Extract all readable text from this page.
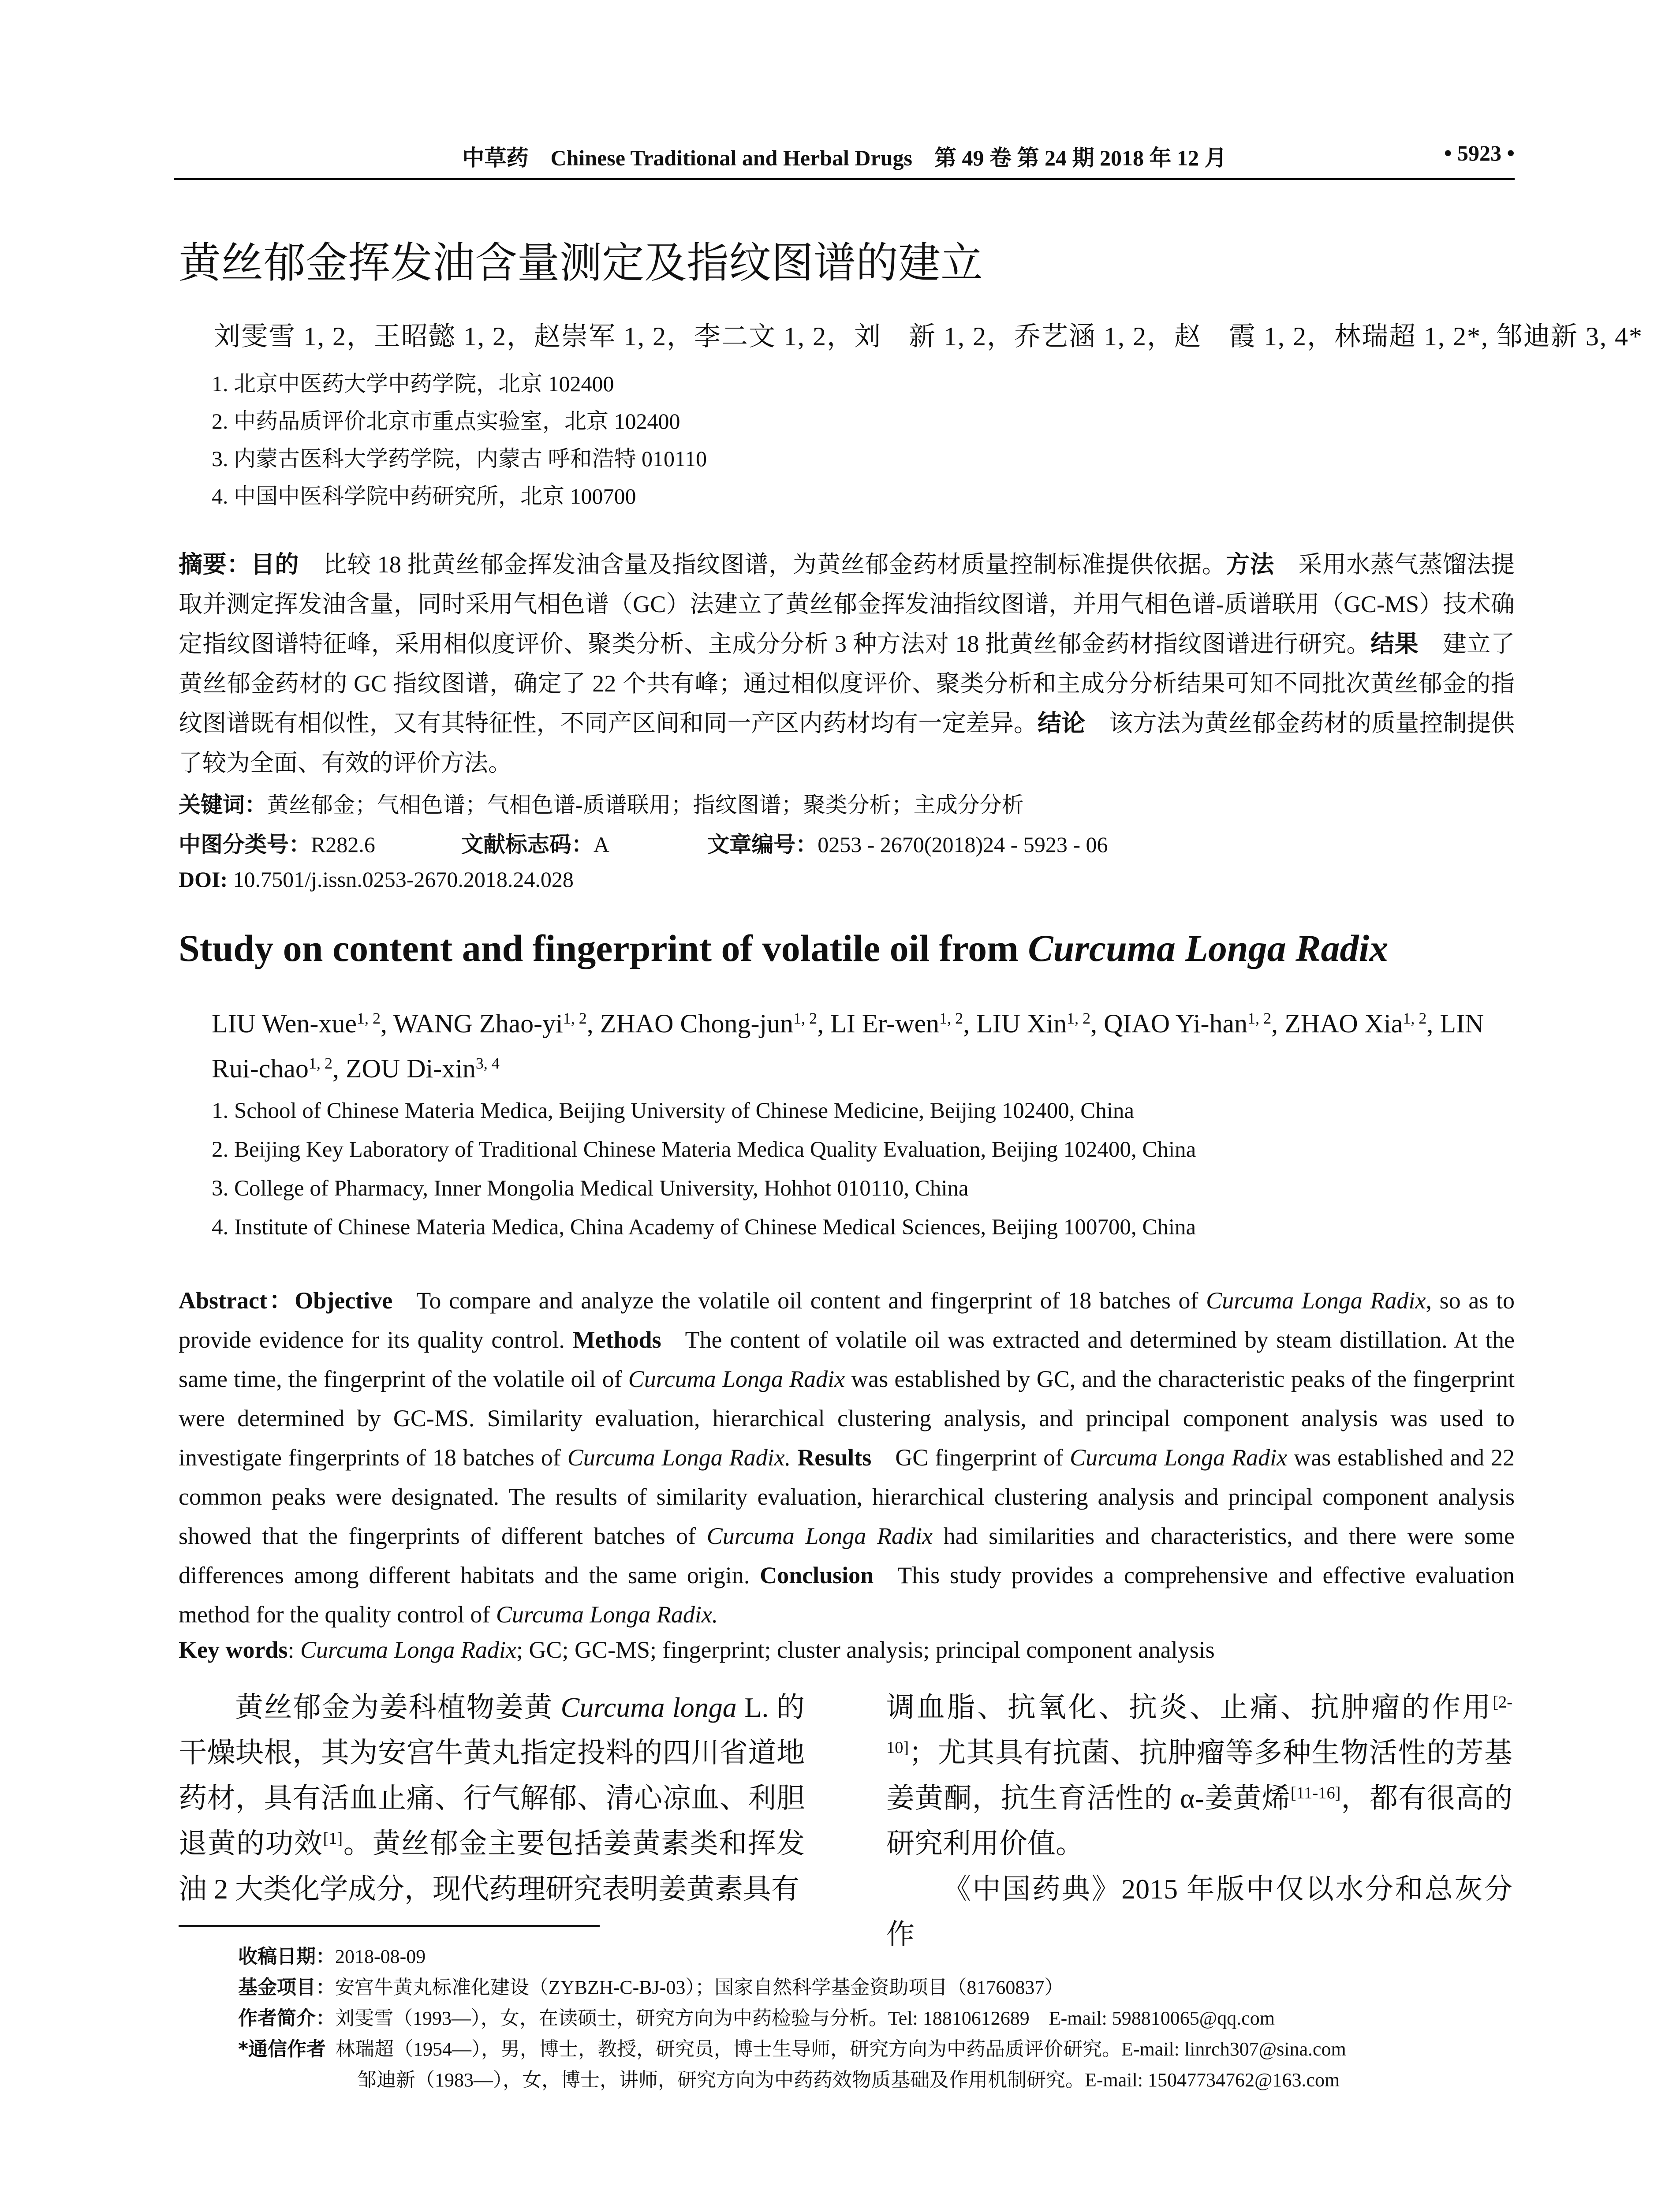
中草药 Chinese Traditional and Herbal Drugs 第 49 卷 第 24 期 2018 年 12 月	• 5923 •
黄丝郁金挥发油含量测定及指纹图谱的建立
刘雯雪 1, 2，王昭懿 1, 2，赵崇军 1, 2，李二文 1, 2，刘　新 1, 2，乔艺涵 1, 2，赵　霞 1, 2，林瑞超 1, 2*, 邹迪新 3, 4*
1. 北京中医药大学中药学院，北京 102400
2. 中药品质评价北京市重点实验室，北京 102400
3. 内蒙古医科大学药学院，内蒙古 呼和浩特 010110
4. 中国中医科学院中药研究所，北京 100700
摘要：目的  比较 18 批黄丝郁金挥发油含量及指纹图谱，为黄丝郁金药材质量控制标准提供依据。方法  采用水蒸气蒸馏法提取并测定挥发油含量，同时采用气相色谱（GC）法建立了黄丝郁金挥发油指纹图谱，并用气相色谱-质谱联用（GC-MS）技术确定指纹图谱特征峰，采用相似度评价、聚类分析、主成分分析 3 种方法对 18 批黄丝郁金药材指纹图谱进行研究。结果  建立了黄丝郁金药材的 GC 指纹图谱，确定了 22 个共有峰；通过相似度评价、聚类分析和主成分分析结果可知不同批次黄丝郁金的指纹图谱既有相似性，又有其特征性，不同产区间和同一产区内药材均有一定差异。结论  该方法为黄丝郁金药材的质量控制提供了较为全面、有效的评价方法。
关键词：黄丝郁金；气相色谱；气相色谱-质谱联用；指纹图谱；聚类分析；主成分分析
中图分类号：R282.6	文献标志码：A	文章编号：0253 - 2670(2018)24 - 5923 - 06
DOI: 10.7501/j.issn.0253-2670.2018.24.028
Study on content and fingerprint of volatile oil from Curcuma Longa Radix
LIU Wen-xue$^{1, 2}$, WANG Zhao-yi$^{1, 2}$, ZHAO Chong-jun$^{1, 2}$, LI Er-wen$^{1, 2}$, LIU Xin$^{1, 2}$, QIAO Yi-han$^{1, 2}$, ZHAO Xia$^{1, 2}$, LIN Rui-chao$^{1, 2}$, ZOU Di-xin$^{3, 4}$
1. School of Chinese Materia Medica, Beijing University of Chinese Medicine, Beijing 102400, China
2. Beijing Key Laboratory of Traditional Chinese Materia Medica Quality Evaluation, Beijing 102400, China
3. College of Pharmacy, Inner Mongolia Medical University, Hohhot 010110, China
4. Institute of Chinese Materia Medica, China Academy of Chinese Medical Sciences, Beijing 100700, China
Abstract：Objective  To compare and analyze the volatile oil content and fingerprint of 18 batches of Curcuma Longa Radix, so as to provide evidence for its quality control. Methods  The content of volatile oil was extracted and determined by steam distillation. At the same time, the fingerprint of the volatile oil of Curcuma Longa Radix was established by GC, and the characteristic peaks of the fingerprint were determined by GC-MS. Similarity evaluation, hierarchical clustering analysis, and principal component analysis was used to investigate fingerprints of 18 batches of Curcuma Longa Radix. Results  GC fingerprint of Curcuma Longa Radix was established and 22 common peaks were designated. The results of similarity evaluation, hierarchical clustering analysis and principal component analysis showed that the fingerprints of different batches of Curcuma Longa Radix had similarities and characteristics, and there were some differences among different habitats and the same origin. Conclusion  This study provides a comprehensive and effective evaluation method for the quality control of Curcuma Longa Radix.
Key words: Curcuma Longa Radix; GC; GC-MS; fingerprint; cluster analysis; principal component analysis
黄丝郁金为姜科植物姜黄 Curcuma longa L. 的干燥块根，其为安宫牛黄丸指定投料的四川省道地药材，具有活血止痛、行气解郁、清心凉血、利胆退黄的功效[1]。黄丝郁金主要包括姜黄素类和挥发油 2 大类化学成分，现代药理研究表明姜黄素具有
调血脂、抗氧化、抗炎、止痛、抗肿瘤的作用[2-10]；尤其具有抗菌、抗肿瘤等多种生物活性的芳基姜黄酮，抗生育活性的 α-姜黄烯[11-16]，都有很高的研究利用价值。
《中国药典》2015 年版中仅以水分和总灰分作
收稿日期：2018-08-09
基金项目：安宫牛黄丸标准化建设（ZYBZH-C-BJ-03）；国家自然科学基金资助项目（81760837）
作者简介：刘雯雪（1993—），女，在读硕士，研究方向为中药检验与分析。Tel: 18810612689　E-mail: 598810065@qq.com
*通信作者  林瑞超（1954—），男，博士，教授，研究员，博士生导师，研究方向为中药品质评价研究。E-mail: linrch307@sina.com
邹迪新（1983—），女，博士，讲师，研究方向为中药药效物质基础及作用机制研究。E-mail: 15047734762@163.com
